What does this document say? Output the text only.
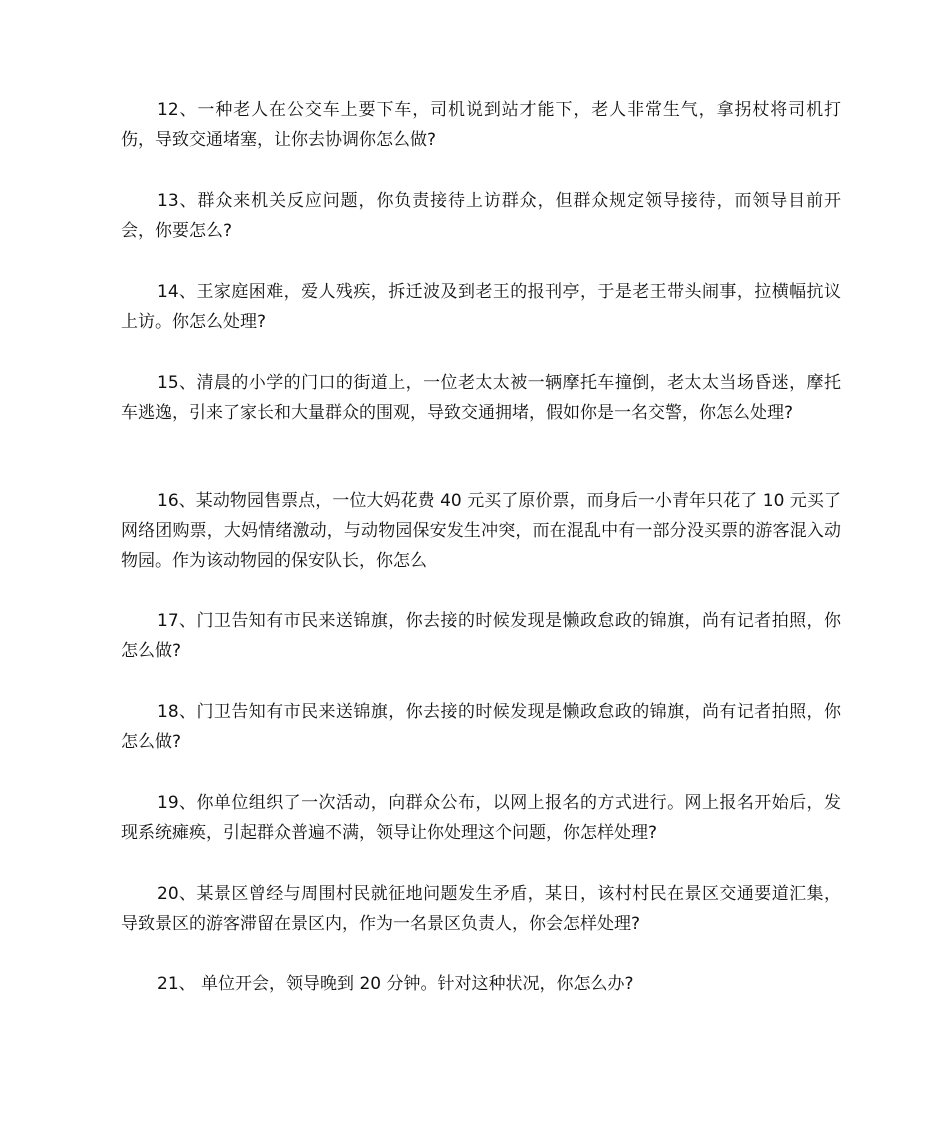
12、一种老人在公交车上要下车，司机说到站才能下，老人非常生气，拿拐杖将司机打伤，导致交通堵塞，让你去协调你怎么做?

13、群众来机关反应问题，你负责接待上访群众，但群众规定领导接待，而领导目前开会，你要怎么?

14、王家庭困难，爱人残疾，拆迁波及到老王的报刊亭，于是老王带头闹事，拉横幅抗议上访。你怎么处理?

15、清晨的小学的门口的街道上，一位老太太被一辆摩托车撞倒，老太太当场昏迷，摩托车逃逸，引来了家长和大量群众的围观，导致交通拥堵，假如你是一名交警，你怎么处理?

16、某动物园售票点，一位大妈花费 40 元买了原价票，而身后一小青年只花了 10 元买了网络团购票，大妈情绪激动，与动物园保安发生冲突，而在混乱中有一部分没买票的游客混入动物园。作为该动物园的保安队长，你怎么

17、门卫告知有市民来送锦旗，你去接的时候发现是懒政怠政的锦旗，尚有记者拍照，你怎么做?

18、门卫告知有市民来送锦旗，你去接的时候发现是懒政怠政的锦旗，尚有记者拍照，你怎么做?

19、你单位组织了一次活动，向群众公布，以网上报名的方式进行。网上报名开始后，发现系统瘫痪，引起群众普遍不满，领导让你处理这个问题，你怎样处理?

20、某景区曾经与周围村民就征地问题发生矛盾，某日，该村村民在景区交通要道汇集，导致景区的游客滞留在景区内，作为一名景区负责人，你会怎样处理?

21、 单位开会，领导晚到 20 分钟。针对这种状况，你怎么办?
